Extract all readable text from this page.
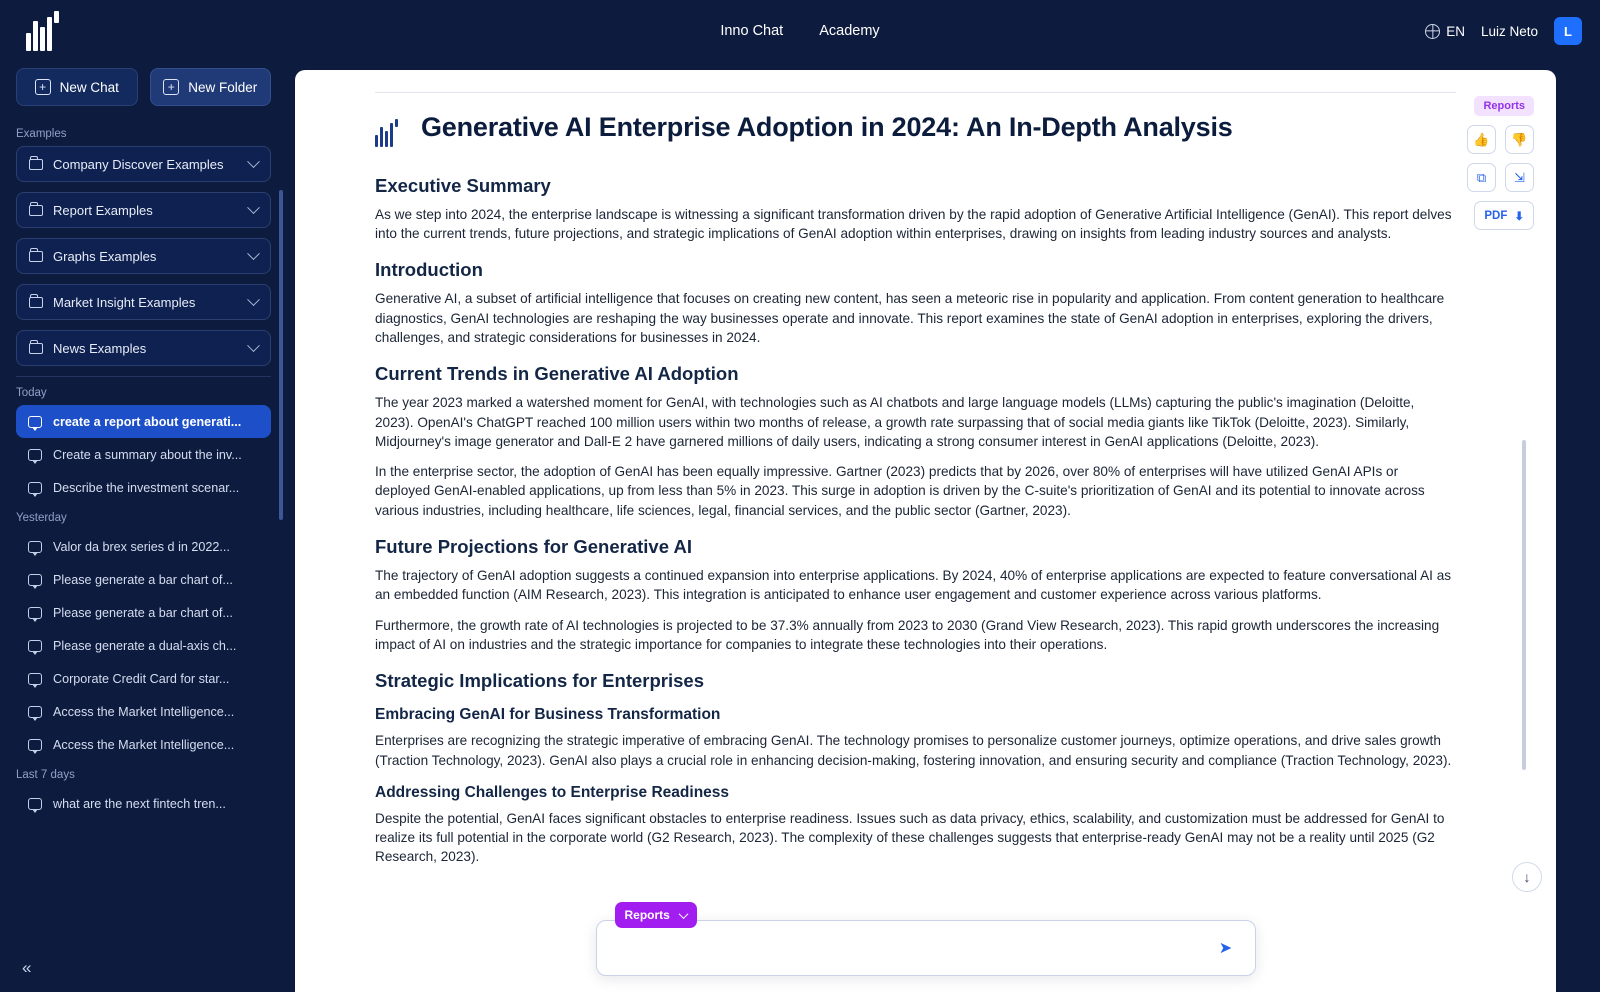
Inno Chat Academy	EN Luiz Neto	L
+
New Chat +	New Folder
Examples
Company Discover Examples
Report Examples
Graphs Examples
Market Insight Examples
News Examples
Today
create a report about generati...
Create a summary about the inv...
Describe the investment scenar...
Yesterday
Valor da brex series d in 2022...
Please generate a bar chart of...
Please generate a bar chart of...
Please generate a dual-axis ch...
Corporate Credit Card for star...
Access the Market Intelligence...
Access the Market Intelligence...
Last 7 days
what are the next fintech tren...
«
Generative AI Enterprise Adoption in 2024: An In-Depth Analysis
Executive Summary

As we step into 2024, the enterprise landscape is witnessing a significant transformation driven by the rapid adoption of Generative Artificial Intelligence (GenAI). This report delves into the current trends, future projections, and strategic implications of GenAI adoption within enterprises, drawing on insights from leading industry sources and analysts.

Introduction

Generative AI, a subset of artificial intelligence that focuses on creating new content, has seen a meteoric rise in popularity and application. From content generation to healthcare diagnostics, GenAI technologies are reshaping the way businesses operate and innovate. This report examines the state of GenAI adoption in enterprises, exploring the drivers, challenges, and strategic considerations for businesses in 2024.

Current Trends in Generative AI Adoption

The year 2023 marked a watershed moment for GenAI, with technologies such as AI chatbots and large language models (LLMs) capturing the public's imagination (Deloitte, 2023). OpenAI's ChatGPT reached 100 million users within two months of release, a growth rate surpassing that of social media giants like TikTok (Deloitte, 2023). Similarly, Midjourney's image generator and Dall-E 2 have garnered millions of daily users, indicating a strong consumer interest in GenAI applications (Deloitte, 2023).

In the enterprise sector, the adoption of GenAI has been equally impressive. Gartner (2023) predicts that by 2026, over 80% of enterprises will have utilized GenAI APIs or deployed GenAI-enabled applications, up from less than 5% in 2023. This surge in adoption is driven by the C-suite's prioritization of GenAI and its potential to innovate across various industries, including healthcare, life sciences, legal, financial services, and the public sector (Gartner, 2023).

Future Projections for Generative AI

The trajectory of GenAI adoption suggests a continued expansion into enterprise applications. By 2024, 40% of enterprise applications are expected to feature conversational AI as an embedded function (AIM Research, 2023). This integration is anticipated to enhance user engagement and customer experience across various platforms.

Furthermore, the growth rate of AI technologies is projected to be 37.3% annually from 2023 to 2030 (Grand View Research, 2023). This rapid growth underscores the increasing impact of AI on industries and the strategic importance for companies to integrate these technologies into their operations.

Strategic Implications for Enterprises
Embracing GenAI for Business Transformation

Enterprises are recognizing the strategic imperative of embracing GenAI. The technology promises to personalize customer journeys, optimize operations, and drive sales growth (Traction Technology, 2023). GenAI also plays a crucial role in enhancing decision-making, fostering innovation, and ensuring security and compliance (Traction Technology, 2023).

Addressing Challenges to Enterprise Readiness

Despite the potential, GenAI faces significant obstacles to enterprise readiness. Issues such as data privacy, ethics, scalability, and customization must be addressed for GenAI to realize its full potential in the corporate world (G2 Research, 2023). The complexity of these challenges suggests that enterprise-ready GenAI may not be a reality until 2025 (G2 Research, 2023).

Reports
👍	👎
⧉	⇲
PDF ⬇
↓
Reports
➤
